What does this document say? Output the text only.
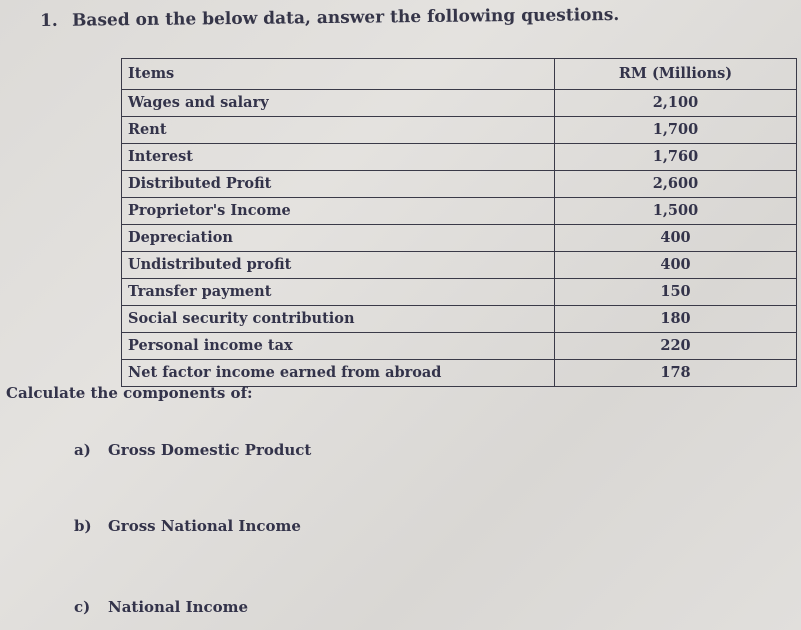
1. Based on the below data, answer the following questions.
Items	RM (Millions)
Wages and salary	2,100
Rent	1,700
Interest	1,760
Distributed Profit	2,600
Proprietor's Income	1,500
Depreciation	400
Undistributed profit	400
Transfer payment	150
Social security contribution	180
Personal income tax	220
Net factor income earned from abroad	178
Calculate the components of:
a) Gross Domestic Product
b) Gross National Income
c) National Income
